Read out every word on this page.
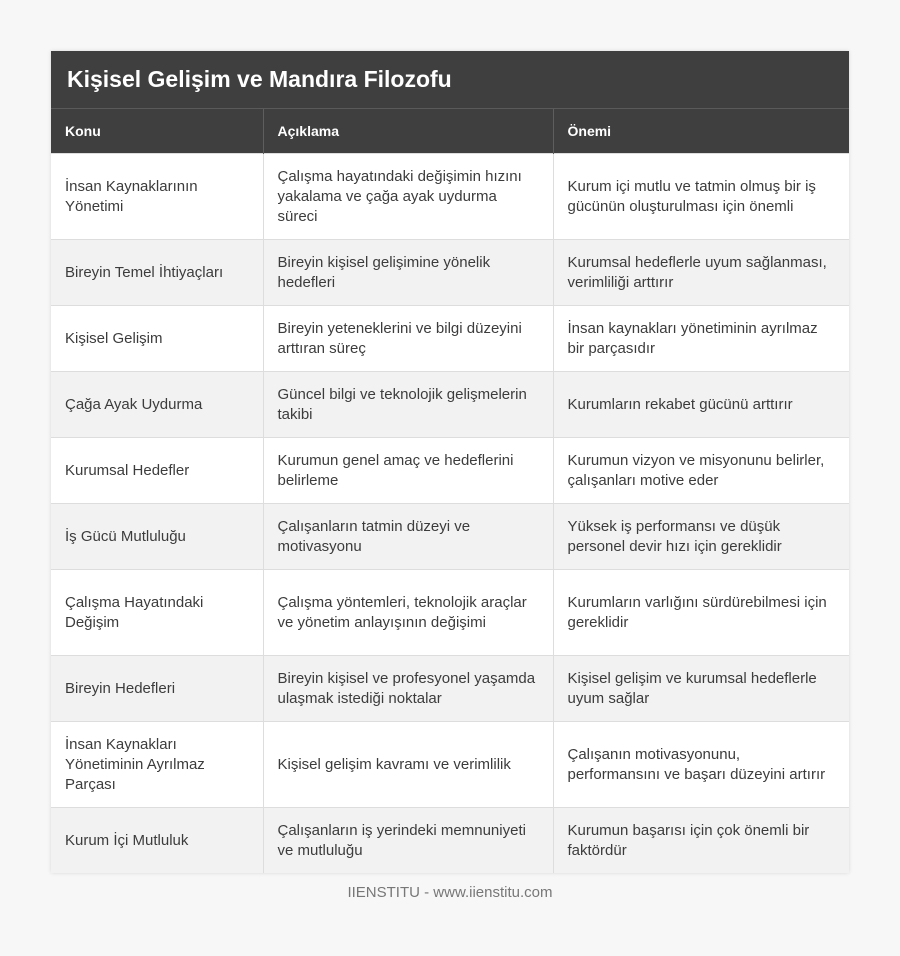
Kişisel Gelişim ve Mandıra Filozofu
Konu	Açıklama	Önemi
İnsan Kaynaklarının Yönetimi	Çalışma hayatındaki değişimin hızını yakalama ve çağa ayak uydurma süreci	Kurum içi mutlu ve tatmin olmuş bir iş gücünün oluşturulması için önemli
Bireyin Temel İhtiyaçları	Bireyin kişisel gelişimine yönelik hedefleri	Kurumsal hedeflerle uyum sağlanması, verimliliği arttırır
Kişisel Gelişim	Bireyin yeteneklerini ve bilgi düzeyini arttıran süreç	İnsan kaynakları yönetiminin ayrılmaz bir parçasıdır
Çağa Ayak Uydurma	Güncel bilgi ve teknolojik gelişmelerin takibi	Kurumların rekabet gücünü arttırır
Kurumsal Hedefler	Kurumun genel amaç ve hedeflerini belirleme	Kurumun vizyon ve misyonunu belirler, çalışanları motive eder
İş Gücü Mutluluğu	Çalışanların tatmin düzeyi ve motivasyonu	Yüksek iş performansı ve düşük personel devir hızı için gereklidir
Çalışma Hayatındaki Değişim	Çalışma yöntemleri, teknolojik araçlar ve yönetim anlayışının değişimi	Kurumların varlığını sürdürebilmesi için gereklidir
Bireyin Hedefleri	Bireyin kişisel ve profesyonel yaşamda ulaşmak istediği noktalar	Kişisel gelişim ve kurumsal hedeflerle uyum sağlar
İnsan Kaynakları Yönetiminin Ayrılmaz Parçası	Kişisel gelişim kavramı ve verimlilik	Çalışanın motivasyonunu, performansını ve başarı düzeyini artırır
Kurum İçi Mutluluk	Çalışanların iş yerindeki memnuniyeti ve mutluluğu	Kurumun başarısı için çok önemli bir faktördür
IIENSTITU - www.iienstitu.com
